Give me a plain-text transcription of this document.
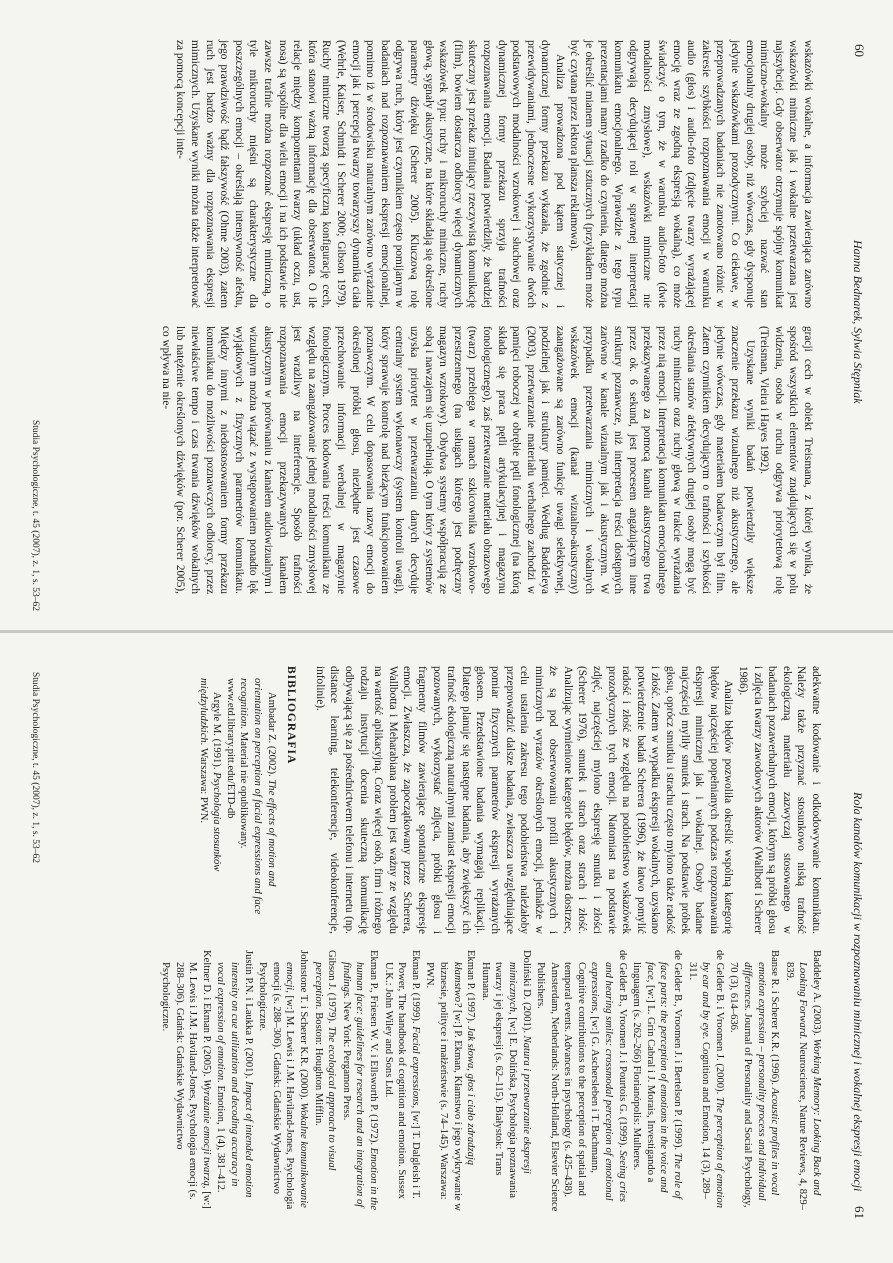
60
Hanna Bednarek, Sylwia Stępniak

wskazówki wokalne, a informacja zawierająca zarówno wskazówki mimiczne jak i wokalne przetwarzana jest najszybciej. Gdy obserwator otrzymuje spójny komunikat mimiczno-wokalny może szybciej nazwać stan emocjonalny drugiej osoby, niż wówczas, gdy dysponuje jedynie wskazówkami prozodycznymi. Co ciekawe, w przeprowadzanych badaniach nie zanotowano różnic w zakresie szybkości rozpoznawania emocji w warunku audio (głos) i audio-foto (zdjęcie twarzy wyrażającej emocję wraz ze zgodną ekspresją wokalną), co może świadczyć o tym, że w warunku audio-foto (dwie modalności zmysłowe), wskazówki mimiczne nie odgrywają decydującej roli w sprawnej interpretacji komunikatu emocjonalnego. Wprawdzie z tego typu prezentacjami mamy rzadko do czynienia, dlatego można je określić mianem sytuacji sztucznych (przykładem może być czytana przez lektora plansza reklamowa).

Analiza prowadzona pod kątem statycznej i dynamicznej formy przekazu wykazała, że zgodnie z przewidywaniami, jednoczesne wykorzystywanie dwóch podstawowych modalności wzrokowej i słuchowej oraz dynamicznej formy przekazu sprzyja trafności rozpoznawania emocji. Badania potwierdziły, że bardziej skuteczny jest przekaz imitujący rzeczywistą komunikację (film), bowiem dostarcza odbiorcy więcej dynamicznych wskazówek typu: ruchy i mikroruchy mimiczne, ruchy głową, sygnały akustyczne, na które składają się określone parametry dźwięku (Scherer 2005). Kluczową rolę odgrywa ruch, który jest czynnikiem często pomijanym w badaniach nad rozpoznawaniem ekspresji emocjonalnej, pomimo iż w środowisku naturalnym zarówno wyrażanie emocji jak i percepcja twarzy towarzyszy dynamika ciała (Wehrle, Kaiser, Schmidt i Scherer 2000; Gibson 1979). Ruchy mimiczne tworzą specyficzną konfigurację cech, która stanowi ważną informację dla obserwatora. O ile relacje między komponentami twarzy (układ oczu, ust, nosa) są wspólne dla wielu emocji i na ich podstawie nie zawsze trafnie można rozpoznać ekspresję mimiczną, o tyle mikroruchy mięśni są charakterystyczne dla poszczególnych emocji – określają intensywność afektu, jego prawdziwość bądź fałszywość (Ohme 2003), zatem ruch jest bardzo ważny dla rozpoznawania ekspresji mimicznych. Uzyskane wyniki można także interpretować za pomocą koncepcji inte-

gracji cech w obiekt Treismana, z której wynika, że spośród wszystkich elementów znajdujących się w polu widzenia, osoba w ruchu odgrywa priorytetową rolę (Treisman, Vieira i Hayes 1992).

Uzyskane wyniki badań potwierdziły większe znaczenie przekazu wizualnego niż akustycznego, ale jedynie wówczas, gdy materiałem badawczym był film. Zatem czynnikiem decydującym o trafności i szybkości określania stanów afektywnych drugiej osoby mogą być ruchy mimiczne oraz ruchy głową w trakcie wyrażania przez nią emocji. Interpretacja komunikatu emocjonalnego przekazywanego za pomocą kanału akustycznego trwa przez ok. 6 sekund, jest procesem angażującym inne struktury poznawcze, niż interpretacja treści dostępnych zarówno w kanale wizualnym jak i akustycznym. W przypadku przetwarzania mimicznych i wokalnych wskazówek emocji (kanał wizualno-akustyczny) zaangażowane są zarówno funkcje uwagi selektywnej, podzielnej jak i struktury pamięci. Według Baddeleya (2003), przetwarzanie materiału werbalnego zachodzi w pamięci roboczej w obrębie pętli fonologicznej (na którą składa się praca pętli artykulacyjnej i magazynu fonologicznego), zaś przetwarzanie materiału obrazowego (twarz) przebiega w ramach szkicownika wzrokowo-przestrzennego (na usługach którego jest podręczny magazyn wzrokowy). Obydwa systemy współpracują ze sobą i nawzajem się uzupełniają. O tym który z systemów uzyska priorytet w przetwarzaniu danych decyduje centralny system wykonawczy (system kontroli uwagi), który sprawuje kontrolę nad bieżącym funkcjonowaniem poznawczym. W celu dopasowania nazwy emocji do określonej próbki głosu, niezbędne jest czasowe przechowanie informacji werbalnej w magazynie fonologicznym. Proces kodowania treści komunikatu ze względu na zaangażowanie jednej modalności zmysłowej jest wrażliwy na interferencje. Sposób trafności rozpoznawania emocji przekazywanych kanałem akustycznym w porównaniu z kanałem audiowizualnym i wizualnym można wiązać z występowaniem ponadto lęk wyjątkowych z fizycznych parametrów komunikatu. Między innymi z niedostosowaniem formy przekazu komunikatu do możliwości poznawczych odbiorcy, przez niewłaściwe tempo i czas trwania dźwięków wokalnych lub natężenie określonych dźwięków (por. Scherer 2005), co wpływa na nie-

Studia Psychologiczne, t. 45 (2007), z. 1, s. 53–62
Rola kanałów komunikacji w rozpoznawaniu mimicznej i wokalnej ekspresji emocji
61

adekwatne kodowanie i odkodowywanie komunikatu. Należy także przyznać stosunkowo niską trafność ekologiczną materiału zazwyczaj stosowanego w badaniach pozawerbalnych emocji, którym są próbki głosu i zdjęcia twarzy zawodowych aktorów (Wallbott i Scherer 1986).

Analiza błędów pozwoliła określić wspólną kategorię błędów najczęściej popełnianych podczas rozpoznawania ekspresji mimicznej jak i wokalnej. Osoby badane najczęściej myliły smutek i strach. Na podstawie próbek głosu, oprócz smutku i strachu często mylono także radość i złość. Zatem w wypadku ekspresji wokalnych, uzyskano potwierdzenie badań Scherera (1996), że łatwo pomylić radość i złość ze względu na podobieństwo wskazówek prozodycznych tych emocji. Natomiast na podstawie zdjęć, najczęściej mylono ekspresję smutku i złości (Scherer 1976), smutek i strach oraz strach i złość. Analizując wymienione kategorie błędów, można dostrzec, że są pod obserwowaniu profili akustycznych i mimicznych wyrazów określonych emocji, jednakże w celu ustalenia zakresu tego podobieństwa należałoby przeprowadzić dalsze badania, zwłaszcza uwzględniające pomiar fizycznych parametrów ekspresji wyrażanych głosem. Przedstawione badania wymagają replikacji. Dlatego planuje się następne badania, aby zwiększyć ich trafność ekologiczną naturalnymi zamiast ekspresji emocji pozowanych, wykorzystać zdjęcia, próbki głosu i fragmenty filmów zawierające spontaniczne ekspresje emocji. Zwłaszcza, że zapoczątkowany przez Scherera, Wallbotta i Meharabiana problem jest ważny ze względu na wartość aplikacyjną. Coraz więcej osób, firm i różnego rodzaju instytucji docenia skuteczną komunikację odbywającą się za pośrednictwem telefonu i internetu (np. distance learning, telekonferencje, videokonferencje, infolinie).

BIBLIOGRAFIA

Ambadar Z. (2002). The effects of motion and orientation on perception of facial expressions and face recognition. Material nie opublikowany. www.etd.library.pitt.edu/ETD-db

Argyle M. (1991). Psychologia stosunków międzyludzkich. Warszawa: PWN.

Baddeley A. (2003). Working Memory: Looking Back and Looking Forward. Neuroscience, Nature Reviews, 4, 829–839.

Banse R. i Scherer K.R. (1996). Acoustic profiles in vocal emotion expression – personality process and individual differences. Journal of Personality and Social Psychology, 70 (3), 614–636.

de Gelder B. i Vroomen J. (2000). The perception of emotion by ear and by eye. Cognition and Emotion, 14 (3), 289–311.

de Gelder B., Vroomen J. i Bertelson P. (1999). The role of face parts: the perception of emotions in the voice and face, [w:] L. Grin Cabral i J. Morais, Investigando a linguagem (s. 262–266) Florianópolis: Mulheres.

de Gelder B., Vroomen J. i Pourtois G. (1999). Seeing cries and hearing smiles: crossmodal perception of emotional expressions, [w:] G. Aschersleben i T. Bachmann, Cognitive contributions to the perception of spatial and temporal events. Advances in psychology (s. 425–438). Amsterdam, Netherlands: North-Holland, Elsevier Science Publishers.

Doliński D. (2001). Natura i przetwarzanie ekspresji mimicznych, [w:] E. Dolińska, Psychologia poznawania twarzy i jej ekspresji (s. 62–115). Białystok: Trans Humana.

Ekman P. (1997). Jak słowa, głos i ciało zdradzają kłamstwo? [w:] P. Ekman, Kłamstwo i jego wykrywanie w biznesie, polityce i małżeństwie (s. 74–145). Warszawa: PWN.

Ekman P. (1999). Facial expressions, [w:] T. Dalgleish i T. Power, The handbook of cognition and emotion. Sussex U.K.: John Wiley and Sons Ltd.

Ekman P., Friesen W. V. i Ellsworth P. (1972). Emotion in the human face: guidelines for research and an integration of findings. New York: Pergamon Press.

Gibson J. (1979). The ecological approach to visual perception. Boston: Houghton Mifflin.

Johnstone T. i Scherer K.R. (2000). Wokalne komunikowanie emocji, [w:] M. Lewis i J.M. Haviland-Jones, Psychologia emocji (s. 288–306). Gdańsk: Gdańskie Wydawnictwo Psychologiczne.

Justin P.N. i Laukka P. (2001). Impact of intended emotion intensity on cue utilization and decoding accuracy in vocal expression of emotion. Emotion, 1 (4), 381–412.

Keltner D. i Ekman P. (2005). Wyrażanie emocji twarzą, [w:] M. Lewis i J.M. Haviland-Jones, Psychologia emocji (s. 288–306). Gdańsk: Gdańskie Wydawnictwo Psychologiczne.

Studia Psychologiczne, t. 45 (2007), z. 1, s. 53–62
